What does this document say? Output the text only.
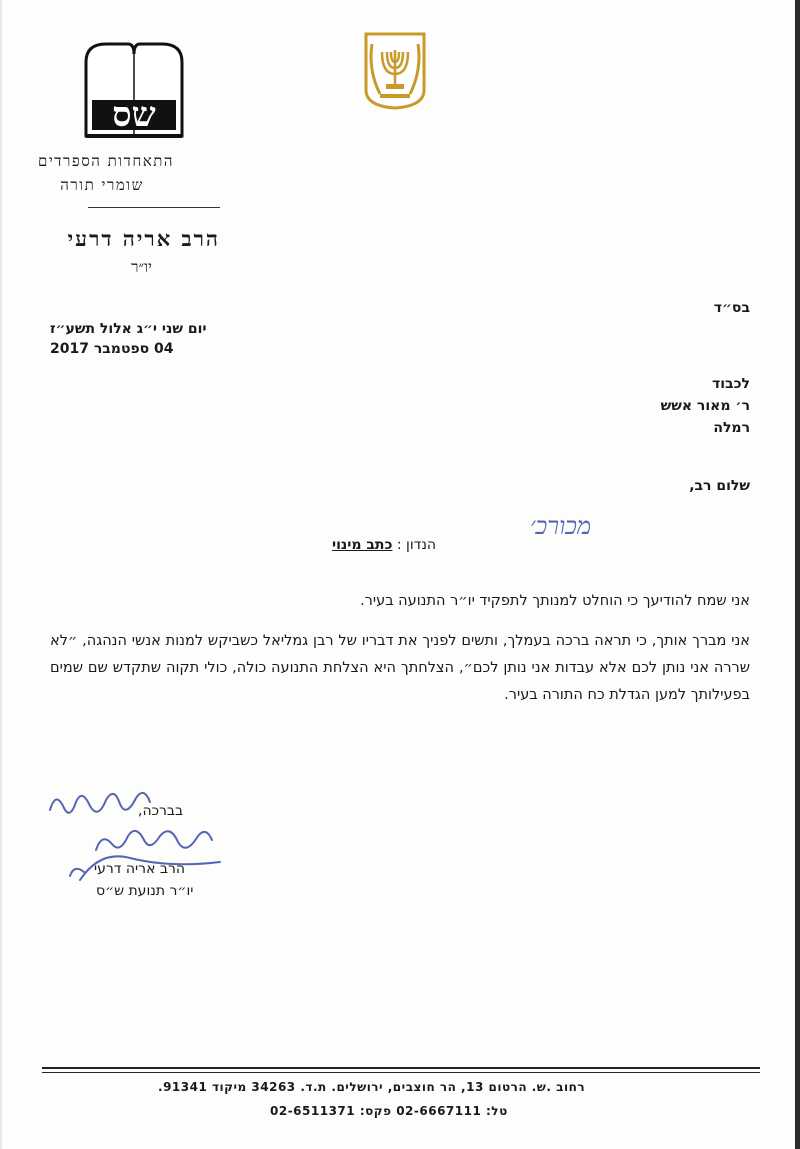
שס
התאחדות הספרדים
שומרי תורה
הרב אריה דרעי
יו״ר
בס״ד
יום שני י״ג אלול תשע״ז
04 ספטמבר 2017
לכבוד
ר׳ מאור אשש
רמלה
שלום רב,
מכורכ׳
הנדון : כתב מינוי
אני שמח להודיעך כי הוחלט למנותך לתפקיד יו״ר התנועה בעיר.
אני מברך אותך, כי תראה ברכה בעמלך, ותשים לפניך את דבריו של רבן גמליאל כשביקש למנות אנשי הנהגה, ״לא שררה אני נותן לכם אלא עבדות אני נותן לכם״, הצלחתך היא הצלחת התנועה כולה, כולי תקוה שתקדש שם שמים בפעילותך למען הגדלת כח התורה בעיר.
בברכה,
הרב אריה דרעי
יו״ר תנועת ש״ס
רחוב .ש. הרטום 13, הר חוצבים, ירושלים. ת.ד. 34263 מיקוד 91341.
טל: 02-6667111 פקס: 02-6511371
